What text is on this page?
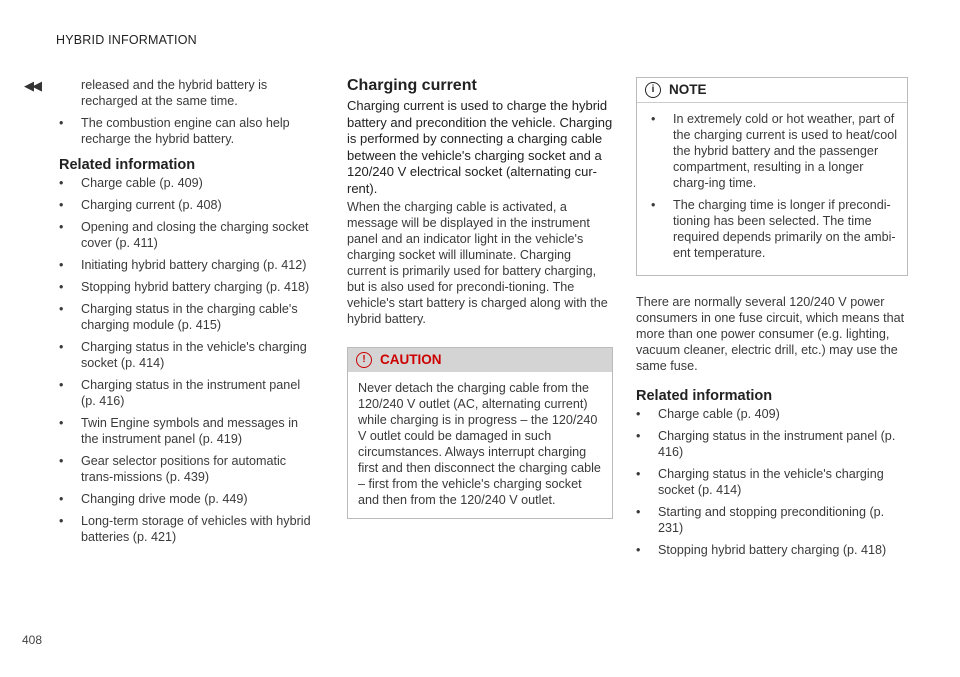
HYBRID INFORMATION
◀◀	released and the hybrid battery is recharged at the same time.
• The combustion engine can also help recharge the hybrid battery.
Related information
• Charge cable (p. 409)
• Charging current (p. 408)
• Opening and closing the charging socket cover (p. 411)
• Initiating hybrid battery charging (p. 412)
• Stopping hybrid battery charging (p. 418)
• Charging status in the charging cable's charging module (p. 415)
• Charging status in the vehicle's charging socket (p. 414)
• Charging status in the instrument panel (p. 416)
• Twin Engine symbols and messages in the instrument panel (p. 419)
• Gear selector positions for automatic trans-missions (p. 439)
• Changing drive mode (p. 449)
• Long-term storage of vehicles with hybrid batteries (p. 421)
Charging current

Charging current is used to charge the hybrid battery and precondition the vehicle. Charging is performed by connecting a charging cable between the vehicle's charging socket and a 120/240 V electrical socket (alternating cur-rent).

When the charging cable is activated, a message will be displayed in the instrument panel and an indicator light in the vehicle's charging socket will illuminate. Charging current is primarily used for battery charging, but is also used for precondi-tioning. The vehicle's start battery is charged along with the hybrid battery.

!	CAUTION
Never detach the charging cable from the 120/240 V outlet (AC, alternating current) while charging is in progress – the 120/240 V outlet could be damaged in such circumstances. Always interrupt charging first and then disconnect the charging cable – first from the vehicle's charging socket and then from the 120/240 V outlet.
i	NOTE
• In extremely cold or hot weather, part of the charging current is used to heat/cool the hybrid battery and the passenger compartment, resulting in a longer charg-ing time.
• The charging time is longer if precondi-tioning has been selected. The time required depends primarily on the ambi-ent temperature.

There are normally several 120/240 V power consumers in one fuse circuit, which means that more than one power consumer (e.g. lighting, vacuum cleaner, electric drill, etc.) may use the same fuse.

Related information
• Charge cable (p. 409)
• Charging status in the instrument panel (p. 416)
• Charging status in the vehicle's charging socket (p. 414)
• Starting and stopping preconditioning (p. 231)
• Stopping hybrid battery charging (p. 418)
408
